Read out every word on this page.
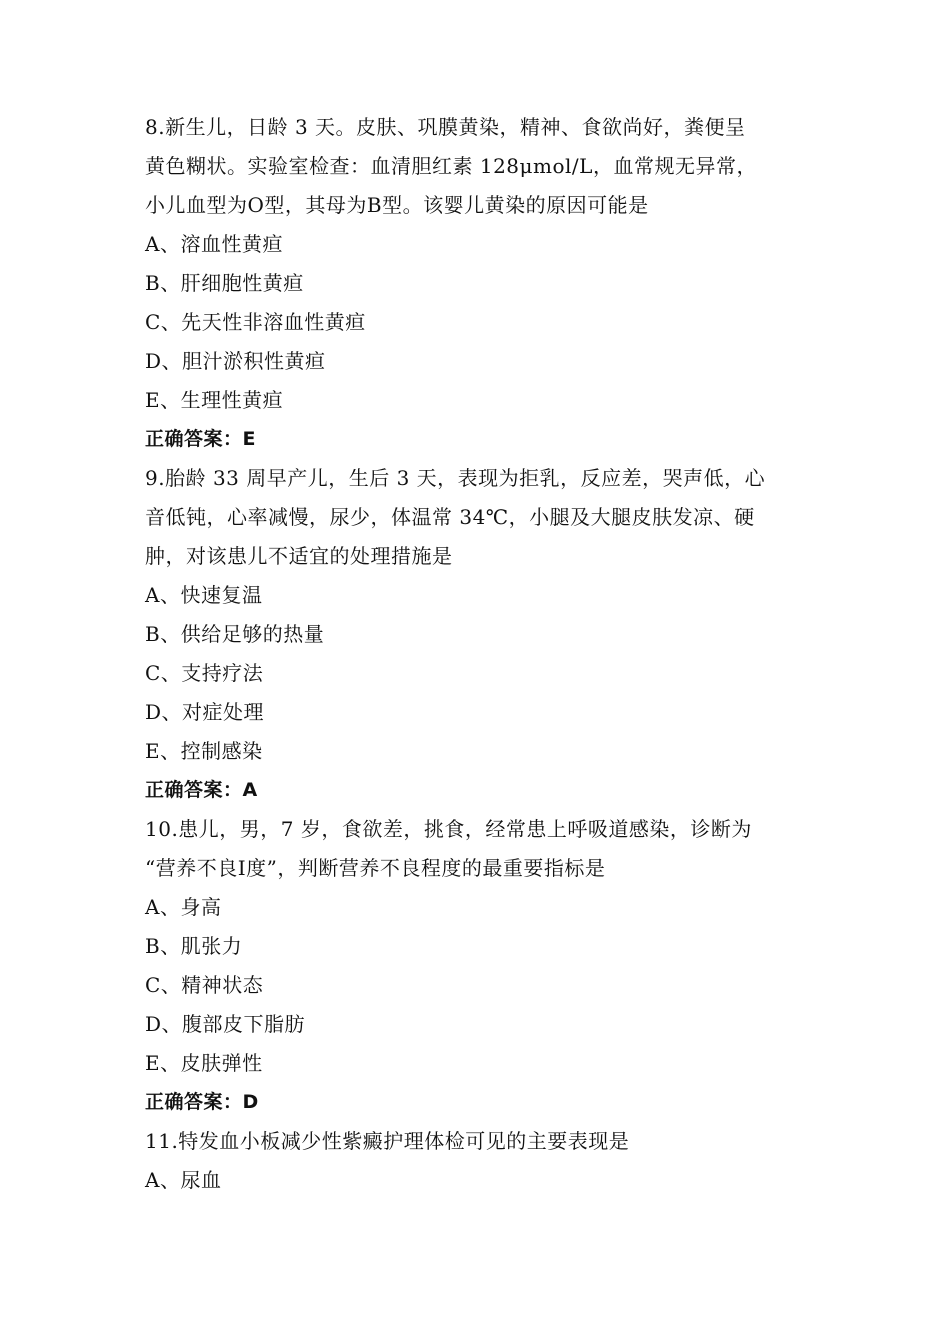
8.新生儿，日龄 3 天。皮肤、巩膜黄染，精神、食欲尚好，粪便呈
黄色糊状。实验室检查：血清胆红素 128μmol/L，血常规无异常，
小儿血型为O型，其母为B型。该婴儿黄染的原因可能是
A、溶血性黄疸
B、肝细胞性黄疸
C、先天性非溶血性黄疸
D、胆汁淤积性黄疸
E、生理性黄疸
正确答案：E
9.胎龄 33 周早产儿，生后 3 天，表现为拒乳，反应差，哭声低，心
音低钝，心率减慢，尿少，体温常 34℃，小腿及大腿皮肤发凉、硬
肿，对该患儿不适宜的处理措施是
A、快速复温
B、供给足够的热量
C、支持疗法
D、对症处理
E、控制感染
正确答案：A
10.患儿，男，7 岁，食欲差，挑食，经常患上呼吸道感染，诊断为
“营养不良Ⅰ度”，判断营养不良程度的最重要指标是
A、身高
B、肌张力
C、精神状态
D、腹部皮下脂肪
E、皮肤弹性
正确答案：D
11.特发血小板减少性紫癜护理体检可见的主要表现是
A、尿血
